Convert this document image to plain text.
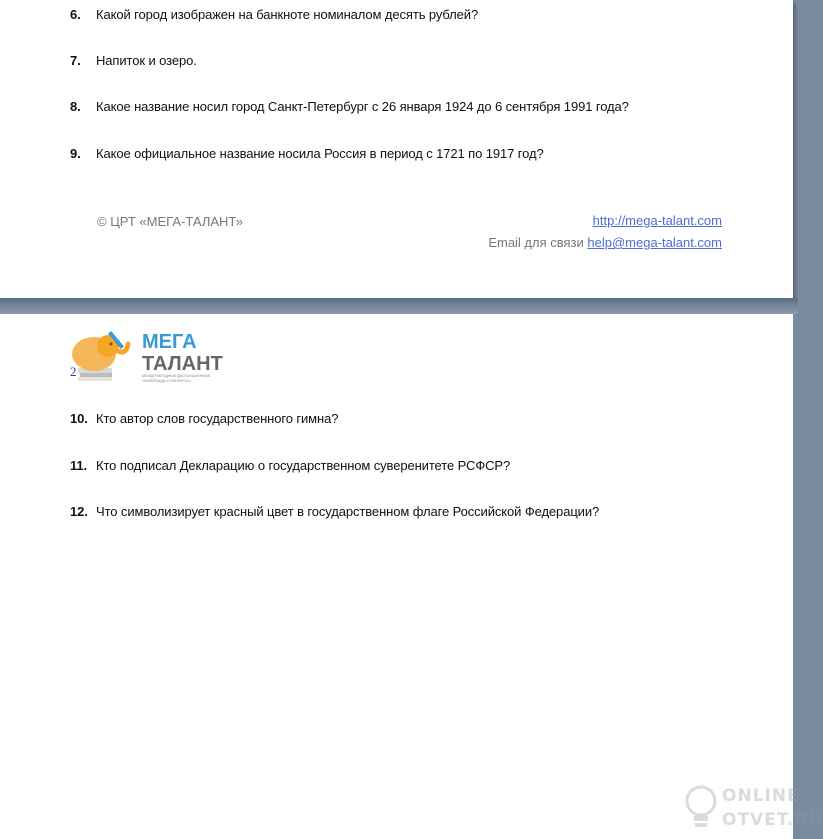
6. Какой город изображен на банкноте номиналом десять рублей?
7. Напиток и озеро.
8. Какое название носил город Санкт-Петербург с 26 января 1924 до 6 сентября 1991 года?
9. Какое официальное название носила Россия в период с 1721 по 1917 год?
© ЦРТ «МЕГА-ТАЛАНТ»	http://mega-talant.com
Email для связи help@mega-talant.com
МЕГА
ТАЛАНТ
МЕЖДУНАРОДНЫЕ ДИСТАНЦИОННЫЕ
ОЛИМПИАДЫ И КОНКУРСЫ
2
10. Кто автор слов государственного гимна?
11. Кто подписал Декларацию о государственном суверенитете РСФСР?
12. Что символизирует красный цвет в государственном флаге Российской Федерации?
ONLINE
OTVET.RU
